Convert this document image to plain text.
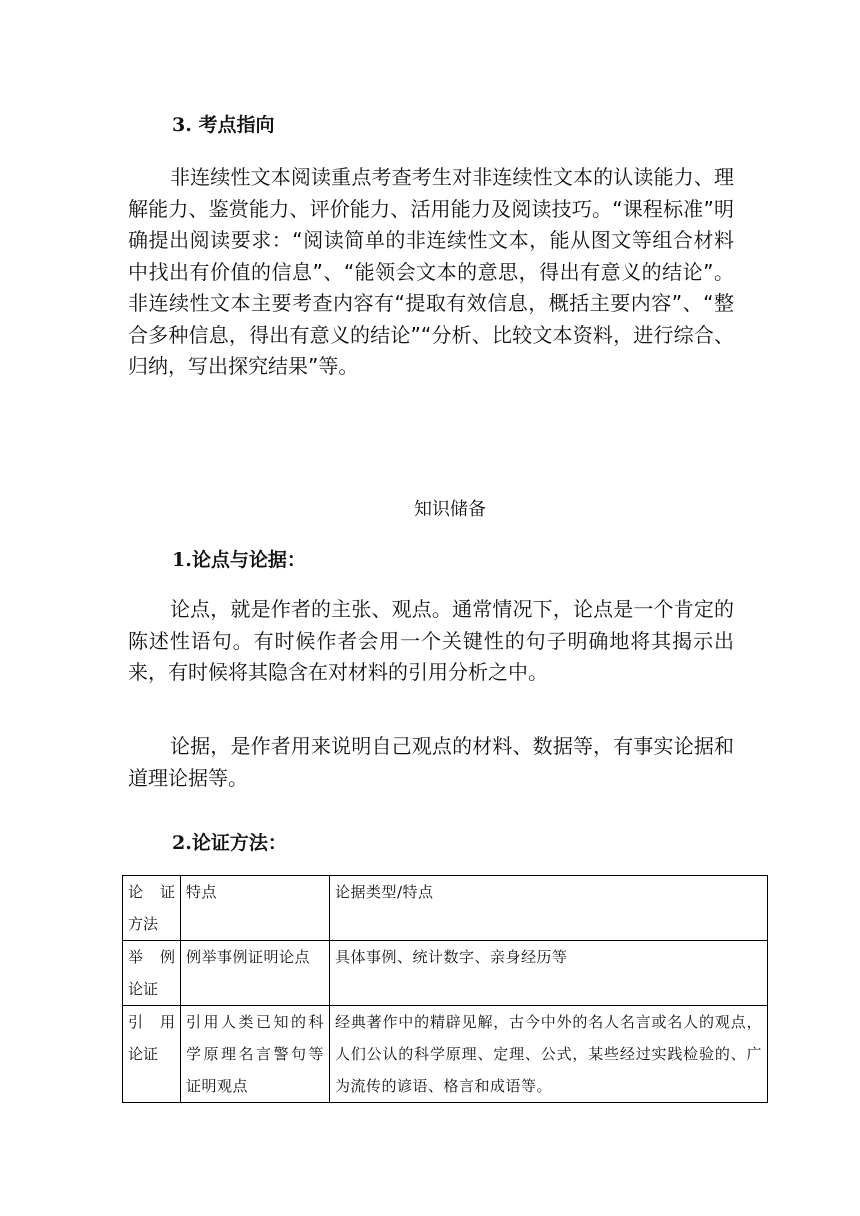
3. 考点指向

非连续性文本阅读重点考查考生对非连续性文本的认读能力、理解能力、鉴赏能力、评价能力、活用能力及阅读技巧。“课程标准”明确提出阅读要求：“阅读简单的非连续性文本，能从图文等组合材料中找出有价值的信息”、“能领会文本的意思，得出有意义的结论”。非连续性文本主要考查内容有“提取有效信息，概括主要内容”、“整合多种信息，得出有意义的结论”“分析、比较文本资料，进行综合、归纳，写出探究结果”等。

知识储备
1.论点与论据：

论点，就是作者的主张、观点。通常情况下，论点是一个肯定的陈述性语句。有时候作者会用一个关键性的句子明确地将其揭示出来，有时候将其隐含在对材料的引用分析之中。

论据，是作者用来说明自己观点的材料、数据等，有事实论据和道理论据等。

2.论证方法：
论 证 方法	特点	论据类型/特点
举 例 论证	例举事例证明论点	具体事例、统计数字、亲身经历等
引 用 论证	引用人类已知的科学原理名言警句等证明观点	经典著作中的精辟见解，古今中外的名人名言或名人的观点，人们公认的科学原理、定理、公式，某些经过实践检验的、广为流传的谚语、格言和成语等。
